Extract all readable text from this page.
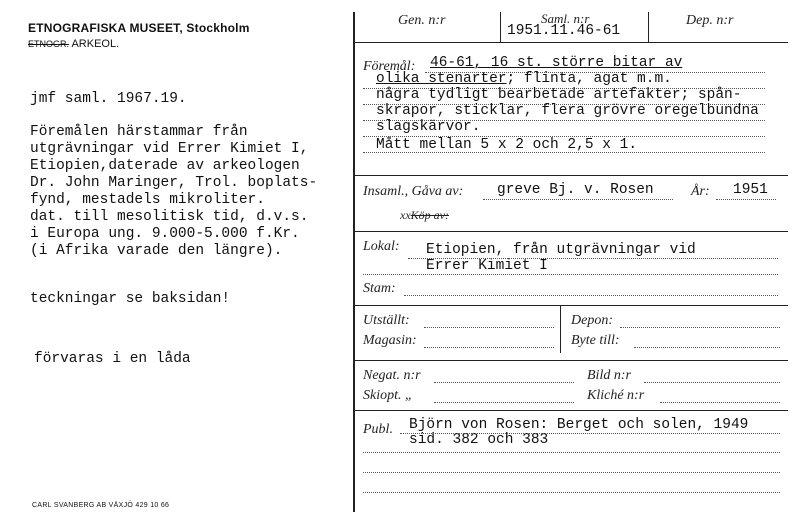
ETNOGRAFISKA MUSEET, Stockholm
ETNOGR. ARKEOL.
jmf saml. 1967.19.
Föremålen härstammar från
utgrävningar vid Errer Kimiet I,
Etiopien,daterade av arkeologen
Dr. John Maringer, Trol. boplats-
fynd, mestadels mikroliter.
dat. till mesolitisk tid, d.v.s.
i Europa ung. 9.000-5.000 f.Kr.
(i Afrika varade den längre).
teckningar se baksidan!
förvaras i en låda
CARL SVANBERG AB VÄXJÖ 429 10 66
Gen. n:r	Saml. n:r
1951.11.46-61
Dep. n:r
Föremål: 46-61, 16 st. större bitar av
olika stenarter; flinta, agat m.m.
några tydligt bearbetade artefakter; spån-
skrapor, sticklar, flera grövre oregelbundna
slagskärvor.
Mått mellan 5 x 2 och 2,5 x 1.
Insaml., Gåva av: greve Bj. v. Rosen	År: 1951
xxKöp av:
Lokal: Etiopien, från utgrävningar vid
Errer Kimiet I
Stam:
Utställt:	Depon:
Magasin:	Byte till:
Negat. n:r	Bild n:r
Skiopt. „	Kliché n:r
Publ. Björn von Rosen: Berget och solen, 1949
sid. 382 och 383
